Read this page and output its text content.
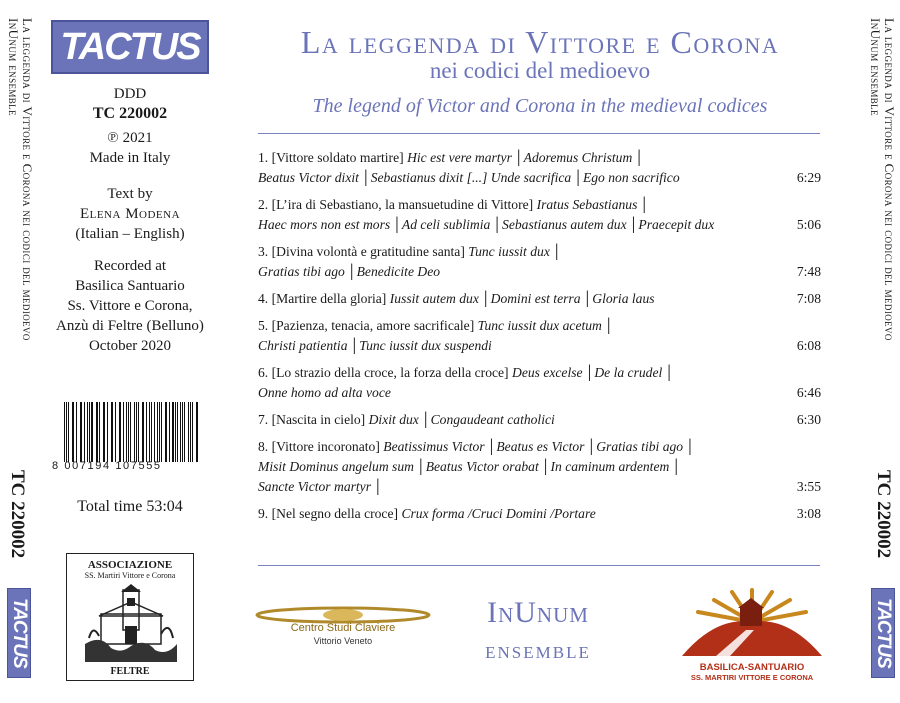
La leggenda di Vittore e Corona nei codici del medioevo
InUnum ensemble
TC 220002
TACTUS
La leggenda di Vittore e Corona nei codici del medioevo
InUnum ensemble
TC 220002
TACTUS
TACTUS
DDD
TC 220002
℗ 2021
Made in Italy
Text by
Elena Modena
(Italian – English)
Recorded at
Basilica Santuario
Ss. Vittore e Corona,
Anzù di Feltre (Belluno)
October 2020
8 007194 107555
Total time 53:04
ASSOCIAZIONE
SS. Martiri Vittore e Corona
FELTRE
La leggenda di Vittore e Corona
nei codici del medioevo
The legend of Victor and Corona in the medieval codices
1. [Vittore soldato martire] Hic est vere martyr │Adoremus Christum │
Beatus Victor dixit │Sebastianus dixit [...] Unde sacrifica │Ego non sacrifico	6:29
2. [L’ira di Sebastiano, la mansuetudine di Vittore] Iratus Sebastianus │
Haec mors non est mors │Ad celi sublimia │Sebastianus autem dux │Praecepit dux	5:06
3. [Divina volontà e gratitudine santa] Tunc iussit dux │
Gratias tibi ago │Benedicite Deo	7:48
4. [Martire della gloria] Iussit autem dux │Domini est terra │Gloria laus	7:08
5. [Pazienza, tenacia, amore sacrificale] Tunc iussit dux acetum │
Christi patientia │Tunc iussit dux suspendi	6:08
6. [Lo strazio della croce, la forza della croce] Deus excelse │De la crudel │
Onne homo ad alta voce	6:46
7. [Nascita in cielo] Dixit dux │Congaudeant catholici	6:30
8. [Vittore incoronato] Beatissimus Victor │Beatus es Victor │Gratias tibi ago │
Misit Dominus angelum sum │Beatus Victor orabat │In caminum ardentem │
Sancte Victor martyr │	3:55
9. [Nel segno della croce] Crux forma /Cruci Domini /Portare	3:08
Centro Studi Claviere
Vittorio Veneto
InUnum
ensemble
BASILICA-SANTUARIO
SS. MARTIRI VITTORE E CORONA
